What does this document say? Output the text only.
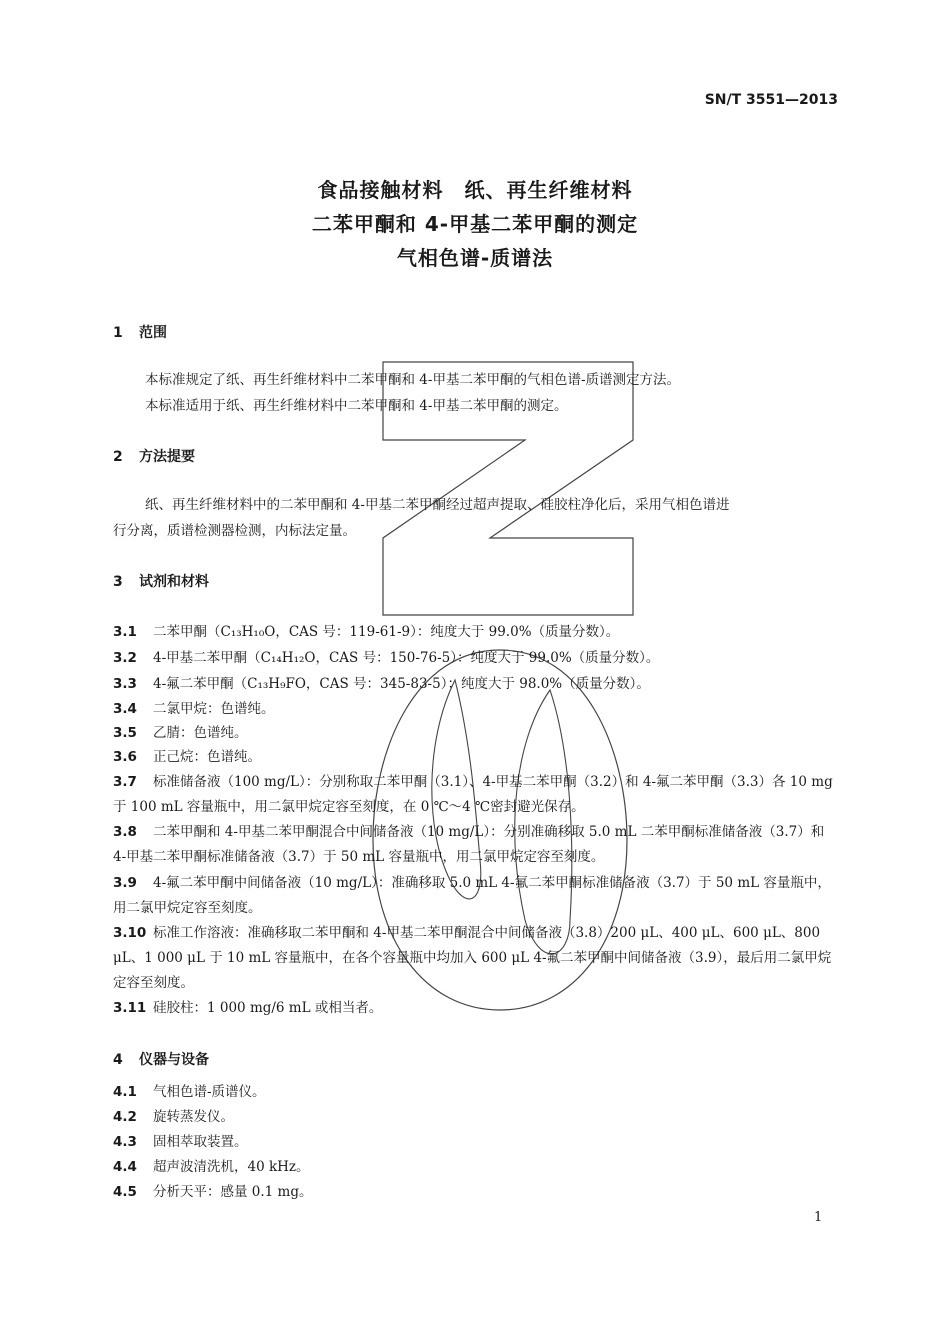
SN/T 3551—2013
食品接触材料　纸、再生纤维材料
二苯甲酮和 4-甲基二苯甲酮的测定
气相色谱-质谱法
1 范围
本标准规定了纸、再生纤维材料中二苯甲酮和 4-甲基二苯甲酮的气相色谱-质谱测定方法。
本标准适用于纸、再生纤维材料中二苯甲酮和 4-甲基二苯甲酮的测定。
2 方法提要
纸、再生纤维材料中的二苯甲酮和 4-甲基二苯甲酮经过超声提取、硅胶柱净化后，采用气相色谱进
行分离，质谱检测器检测，内标法定量。
3 试剂和材料
3.1 二苯甲酮（C₁₃H₁₀O，CAS 号：119-61-9）：纯度大于 99.0%（质量分数）。
3.2 4-甲基二苯甲酮（C₁₄H₁₂O，CAS 号：150-76-5）：纯度大于 99.0%（质量分数）。
3.3 4-氟二苯甲酮（C₁₃H₉FO，CAS 号：345-83-5）：纯度大于 98.0%（质量分数）。
3.4 二氯甲烷：色谱纯。
3.5 乙腈：色谱纯。
3.6 正己烷：色谱纯。
3.7 标准储备液（100 mg/L）：分别称取二苯甲酮（3.1）、4-甲基二苯甲酮（3.2）和 4-氟二苯甲酮（3.3）各 10 mg 于 100 mL 容量瓶中，用二氯甲烷定容至刻度，在 0 ℃～4 ℃密封避光保存。
3.8 二苯甲酮和 4-甲基二苯甲酮混合中间储备液（10 mg/L）：分别准确移取 5.0 mL 二苯甲酮标准储备液（3.7）和 4-甲基二苯甲酮标准储备液（3.7）于 50 mL 容量瓶中，用二氯甲烷定容至刻度。
3.9 4-氟二苯甲酮中间储备液（10 mg/L）：准确移取 5.0 mL 4-氟二苯甲酮标准储备液（3.7）于 50 mL 容量瓶中，用二氯甲烷定容至刻度。
3.10 标准工作溶液：准确移取二苯甲酮和 4-甲基二苯甲酮混合中间储备液（3.8）200 μL、400 μL、600 μL、800 μL、1 000 μL 于 10 mL 容量瓶中，在各个容量瓶中均加入 600 μL 4-氟二苯甲酮中间储备液（3.9），最后用二氯甲烷定容至刻度。
3.11 硅胶柱：1 000 mg/6 mL 或相当者。
4 仪器与设备
4.1 气相色谱-质谱仪。
4.2 旋转蒸发仪。
4.3 固相萃取装置。
4.4 超声波清洗机，40 kHz。
4.5 分析天平：感量 0.1 mg。
1
